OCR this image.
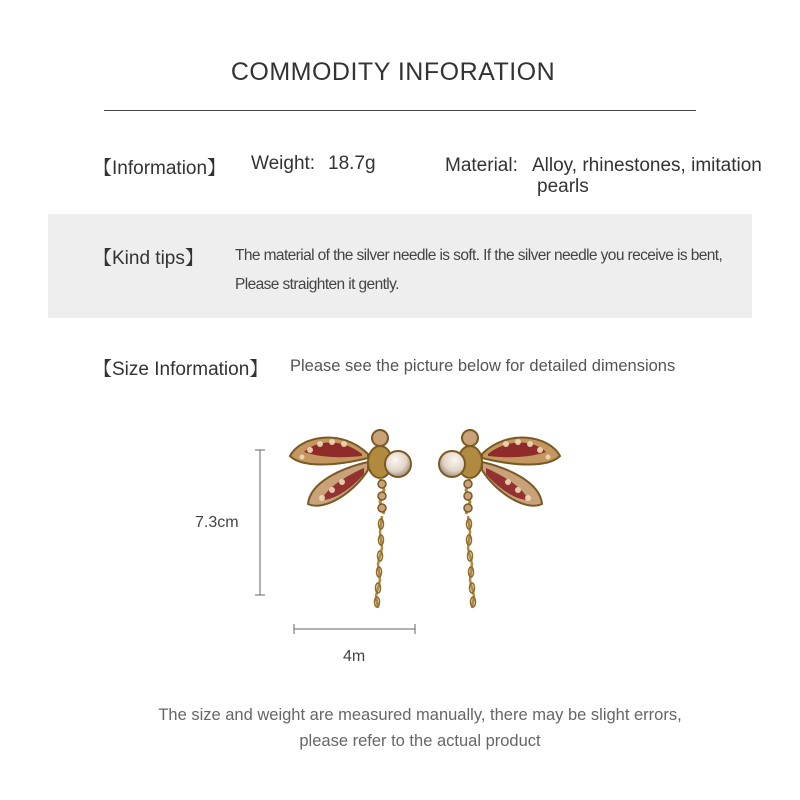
COMMODITY INFORATION
【Information】 Weight: 18.7g	Material: Alloy, rhinestones, imitation
pearls
【Kind tips】 The material of the silver needle is soft. If the silver needle you receive is bent,
Please straighten it gently.
【Size Information】 Please see the picture below for detailed dimensions
7.3cm
4m
The size and weight are measured manually, there may be slight errors,
please refer to the actual product
